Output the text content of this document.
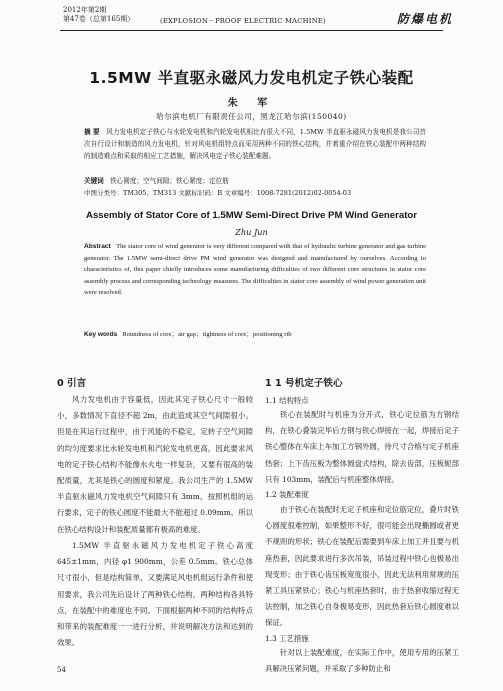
2012年第2期
第47卷（总第165期）	(EXPLOSION－PROOF ELECTRIC MACHINE)	防爆电机
1.5MW 半直驱永磁风力发电机定子铁心装配
朱 军
哈尔滨电机厂有限责任公司，黑龙江哈尔滨(150040)
摘 要 风力发电机定子铁心与水轮发电机和汽轮发电机相比有很大不同，1.5MW 半直驱永磁风力发电机是我公司首次自行设计和制造的风力发电机，针对风电机组特点而采用两种不同的铁心结构，并着重介绍在铁心装配中两种结构的制造难点和采取的相应工艺措施，解决风电定子铁心装配难题。
关键词 铁心圆度；空气间隙；铁心紧度；定位筋
中图分类号：TM305；TM313 文献标识码：B 文章编号：1008-7281(2012)02-0054-03
Assembly of Stator Core of 1.5MW Semi-Direct Drive PM Wind Generator
Zhu Jun
Abstract The stator core of wind generator is very different compared with that of hydraulic turbine generator and gas turbine generator. The 1.5MW semi-direct drive PM wind generator was designed and manufactured by ourselves. According to characteristics of, this paper chiefly introduces some manufacturing difficulties of two different core structures in stator core assembly process and corresponding technology measures. The difficulties in stator core assembly of wind power generation unit were resolved.
Key words Roundness of core；air gap；tightness of core；positioning rib
0 引言
风力发电机由于容量低，因此其定子铁心尺寸一般较小，多数情况下直径不超 2m，由此造成其空气间隙很小。但是在其运行过程中，由于风能的不稳定，定转子空气间隙的均匀度要求比水轮发电机和汽轮发电机更高，因此要求风电的定子铁心结构不能像水火电一样复杂，又要有很高的装配质量，尤其是铁心的圆度和紧度。我公司生产的 1.5MW 半直驱永磁风力发电机空气间隙只有 3mm，按照机组的运行要求，定子的铁心圆度不能最大不能超过 0.09mm。所以在铁心结构设计和装配质量都有极高的难度。
1.5MW 半直驱永磁风力发电机定子铁心高度 645±1mm，内径 φ1 900mm，公差 0.5mm。铁心总体尺寸很小，但是结构简单，又要满足风电机组运行条件和使用要求，我公司先后设计了两种铁心结构，两种结构各具特点，在装配中的难度也不同。下面根据两种不同的结构特点和带来的装配难度一一进行分析，并说明解决方法和达到的效果。
1 1 号机定子铁心
1.1 结构特点
铁心在装配时与机座为分开式，铁心定位筋为方钢结构，在铁心叠装完毕后方钢与铁心焊接在一起，焊接后定子铁心整体在车床上车加工方钢外圆，待尺寸合格与定子机座热套；上下齿压板为整体圆盘式结构，除去齿部，压板轭部只有 103mm，装配后与机座整体焊接。
1.2 装配难度
由于铁心在装配时无定子机座和定位筋定位，叠片时铁心圆度很难控制，如果整形不好，很可能会出现椭圆或者更不规则的形状；铁心在装配后需要到车床上加工并且要与机座热套，因此要求进行多次吊装，吊装过程中铁心也极易出现变形；由于铁心齿压板宽度很小，因此无法利用常规的压紧工具压紧铁心；铁心与机座热套时，由于热套收缩过程无法控制，加之铁心自身极易变形，因此热套后铁心圆度难以保证。
1.3 工艺措施
针对以上装配难度，在实际工作中，使用专用的压紧工具解决压紧问题，并采取了多种防止和
54
